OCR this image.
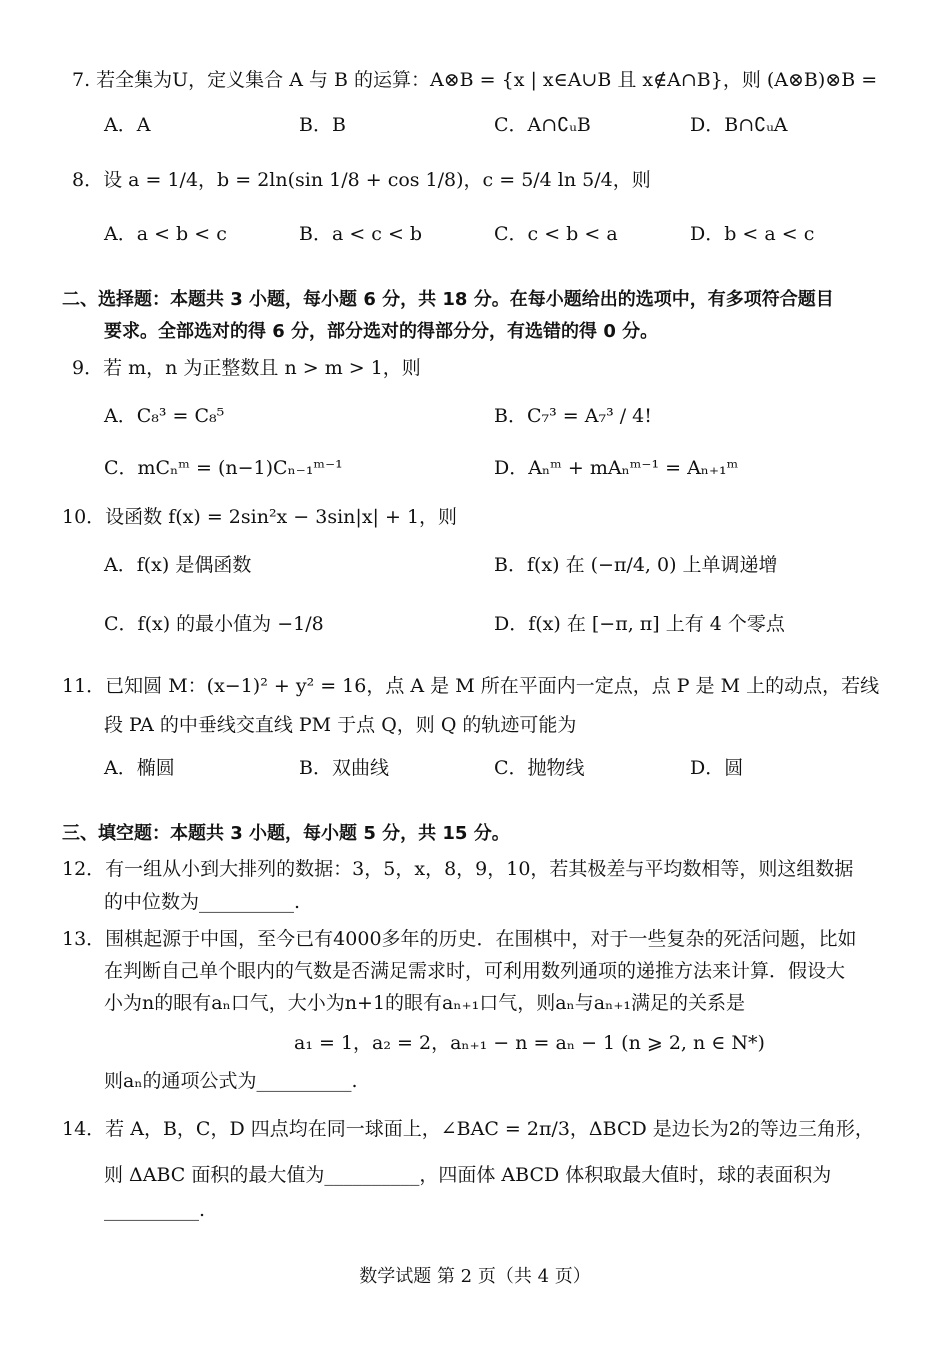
7. 若全集为U，定义集合 A 与 B 的运算：A⊗B = {x | x∈A∪B 且 x∉A∩B}，则 (A⊗B)⊗B =
A．A	B．B	C．A∩∁ᵤB	D．B∩∁ᵤA
8．设 a = 1/4，b = 2ln(sin 1/8 + cos 1/8)，c = 5/4 ln 5/4，则
A．a < b < c	B．a < c < b	C．c < b < a	D．b < a < c
二、选择题：本题共 3 小题，每小题 6 分，共 18 分。在每小题给出的选项中，有多项符合题目
要求。全部选对的得 6 分，部分选对的得部分分，有选错的得 0 分。
9．若 m，n 为正整数且 n > m > 1，则
A．C₈³ = C₈⁵	B．C₇³ = A₇³ / 4!
C．mCₙᵐ = (n−1)Cₙ₋₁ᵐ⁻¹	D．Aₙᵐ + mAₙᵐ⁻¹ = Aₙ₊₁ᵐ
10．设函数 f(x) = 2sin²x − 3sin|x| + 1，则
A．f(x) 是偶函数	B．f(x) 在 (−π/4, 0) 上单调递增
C．f(x) 的最小值为 −1/8	D．f(x) 在 [−π, π] 上有 4 个零点
11．已知圆 M：(x−1)² + y² = 16，点 A 是 M 所在平面内一定点，点 P 是 M 上的动点，若线
段 PA 的中垂线交直线 PM 于点 Q，则 Q 的轨迹可能为
A．椭圆	B．双曲线	C．抛物线	D．圆
三、填空题：本题共 3 小题，每小题 5 分，共 15 分。
12．有一组从小到大排列的数据：3，5，x，8，9，10，若其极差与平均数相等，则这组数据
的中位数为__________.
13．围棋起源于中国，至今已有4000多年的历史．在围棋中，对于一些复杂的死活问题，比如
在判断自己单个眼内的气数是否满足需求时，可利用数列通项的递推方法来计算．假设大
小为n的眼有aₙ口气，大小为n+1的眼有aₙ₊₁口气，则aₙ与aₙ₊₁满足的关系是
a₁ = 1，a₂ = 2，aₙ₊₁ − n = aₙ − 1 (n ⩾ 2, n ∈ N*)
则aₙ的通项公式为__________.
14．若 A，B，C，D 四点均在同一球面上，∠BAC = 2π/3，ΔBCD 是边长为2的等边三角形，
则 ΔABC 面积的最大值为__________，四面体 ABCD 体积取最大值时，球的表面积为
__________.
数学试题 第 2 页（共 4 页）
